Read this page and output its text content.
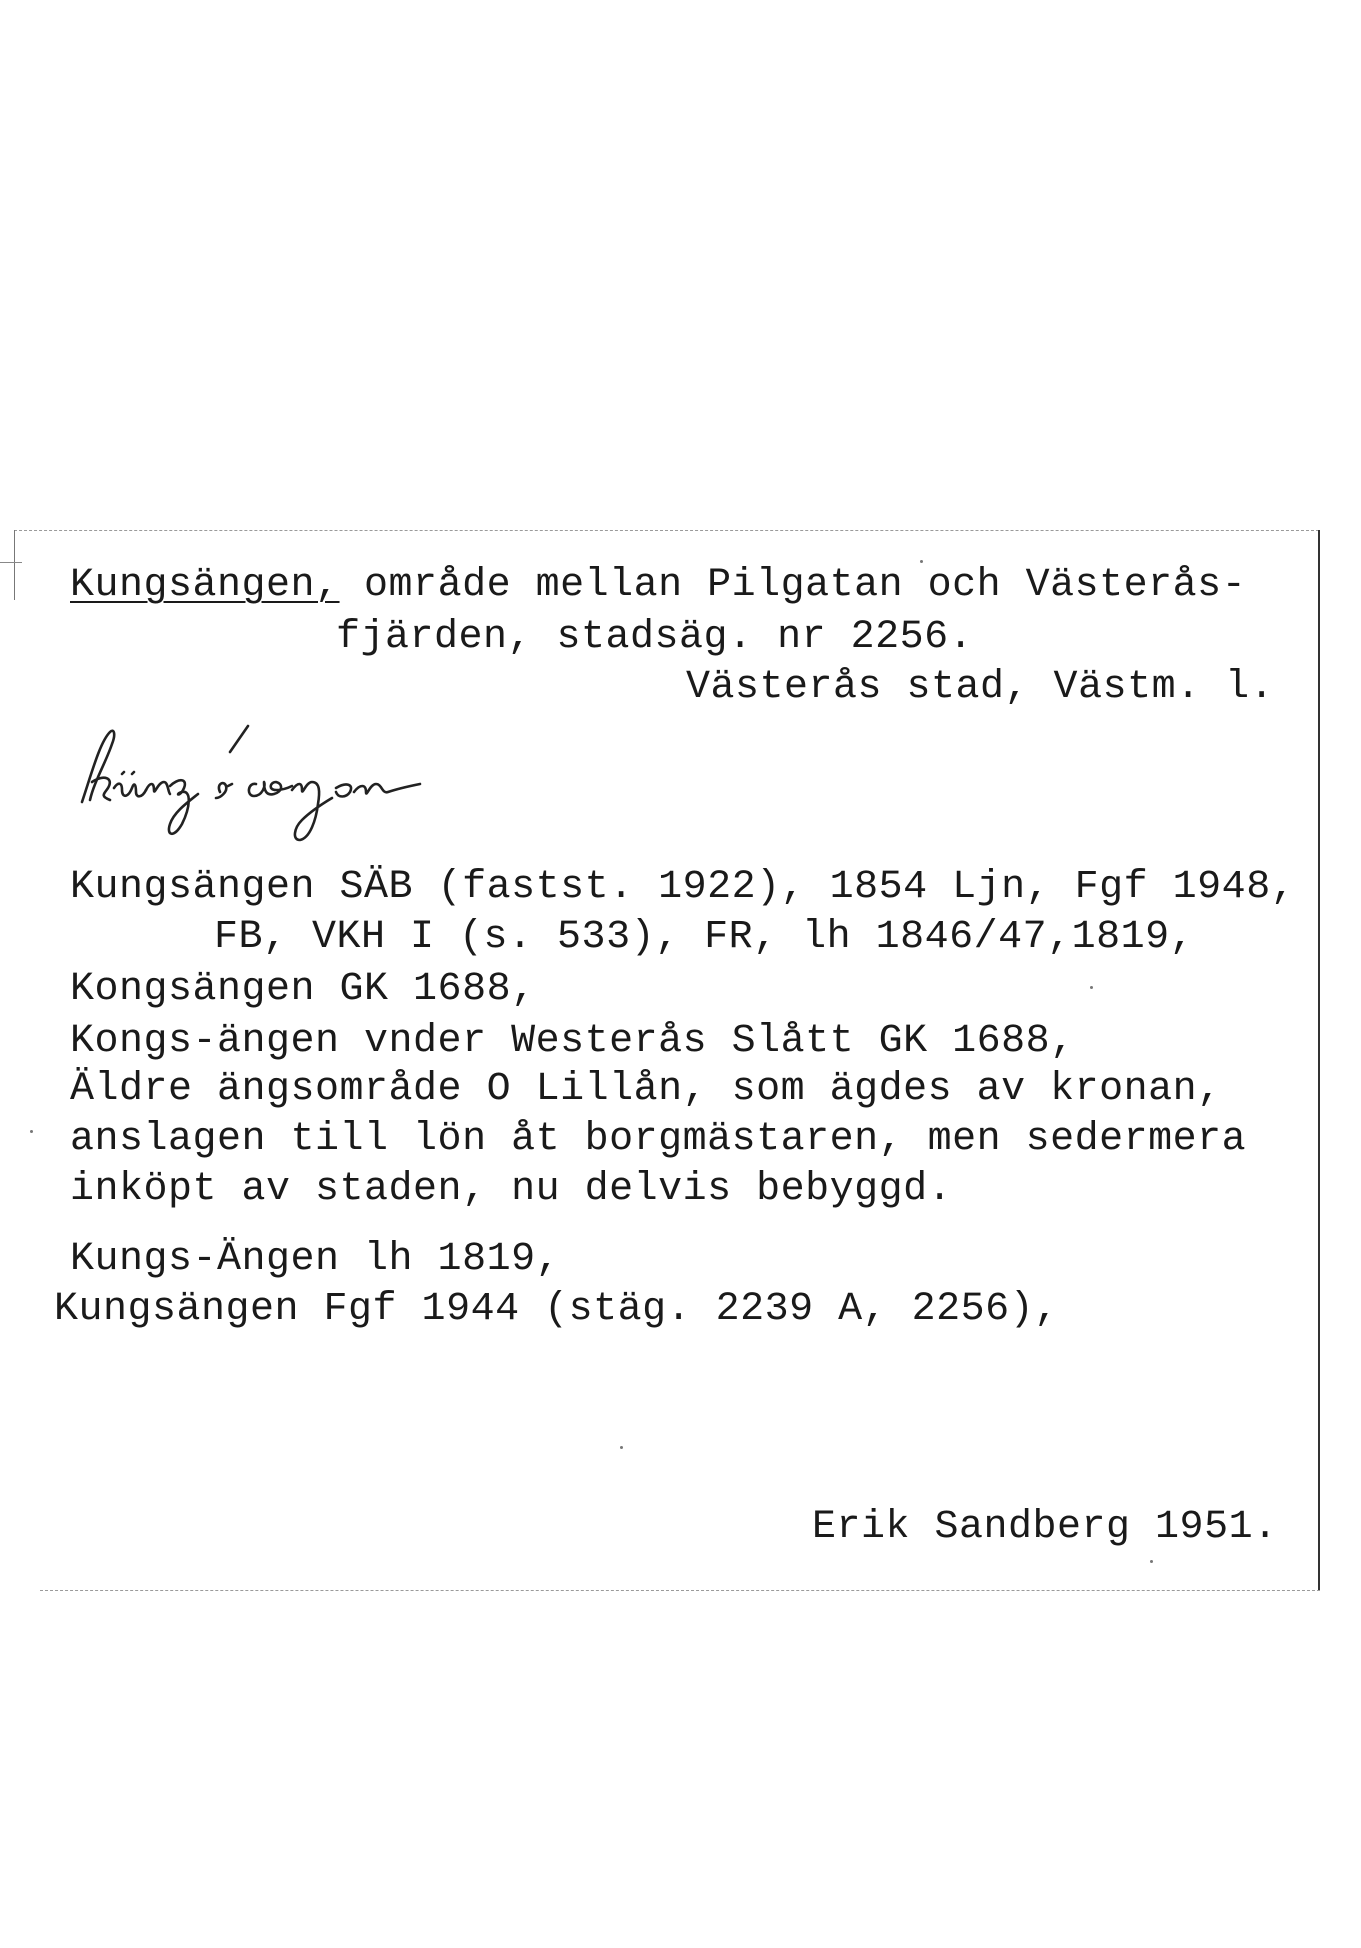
Kungsängen, område mellan Pilgatan och Västerås-
fjärden, stadsäg. nr 2256.
Västerås stad, Västm. l.
Kungsängen SÄB (fastst. 1922), 1854 Ljn, Fgf 1948,
FB, VKH I (s. 533), FR, lh 1846/47,1819,
Kongsängen GK 1688,
Kongs-ängen vnder Westerås Slått GK 1688,
Äldre ängsområde O Lillån, som ägdes av kronan,
anslagen till lön åt borgmästaren, men sedermera
inköpt av staden, nu delvis bebyggd.
Kungs-Ängen lh 1819,
Kungsängen Fgf 1944 (stäg. 2239 A, 2256),
Erik Sandberg 1951.
